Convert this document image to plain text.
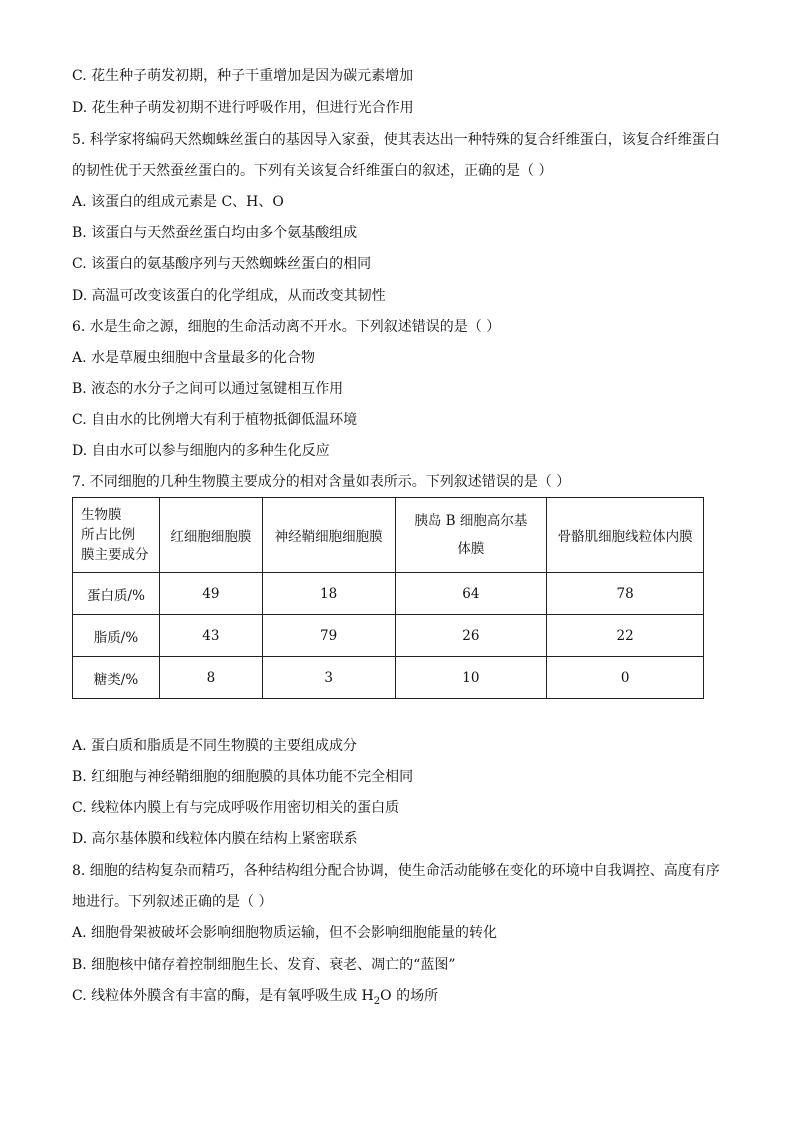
C. 花生种子萌发初期，种子干重增加是因为碳元素增加
D. 花生种子萌发初期不进行呼吸作用，但进行光合作用
5. 科学家将编码天然蜘蛛丝蛋白的基因导入家蚕，使其表达出一种特殊的复合纤维蛋白，该复合纤维蛋白
的韧性优于天然蚕丝蛋白的。下列有关该复合纤维蛋白的叙述，正确的是（ ）
A. 该蛋白的组成元素是 C、H、O
B. 该蛋白与天然蚕丝蛋白均由多个氨基酸组成
C. 该蛋白的氨基酸序列与天然蜘蛛丝蛋白的相同
D. 高温可改变该蛋白的化学组成，从而改变其韧性
6. 水是生命之源，细胞的生命活动离不开水。下列叙述错误的是（ ）
A. 水是草履虫细胞中含量最多的化合物
B. 液态的水分子之间可以通过氢键相互作用
C. 自由水的比例增大有利于植物抵御低温环境
D. 自由水可以参与细胞内的多种生化反应
7. 不同细胞的几种生物膜主要成分的相对含量如表所示。下列叙述错误的是（ ）
生物膜
所占比例
膜主要成分	红细胞细胞膜	神经鞘细胞细胞膜	胰岛 B 细胞高尔基体膜	骨骼肌细胞线粒体内膜
蛋白质/%	49	18	64	78
脂质/%	43	79	26	22
糖类/%	8	3	10	0
A. 蛋白质和脂质是不同生物膜的主要组成成分
B. 红细胞与神经鞘细胞的细胞膜的具体功能不完全相同
C. 线粒体内膜上有与完成呼吸作用密切相关的蛋白质
D. 高尔基体膜和线粒体内膜在结构上紧密联系
8. 细胞的结构复杂而精巧，各种结构组分配合协调，使生命活动能够在变化的环境中自我调控、高度有序
地进行。下列叙述正确的是（ ）
A. 细胞骨架被破坏会影响细胞物质运输，但不会影响细胞能量的转化
B. 细胞核中储存着控制细胞生长、发育、衰老、凋亡的“蓝图”
C. 线粒体外膜含有丰富的酶，是有氧呼吸生成 $H_2O$ 的场所
